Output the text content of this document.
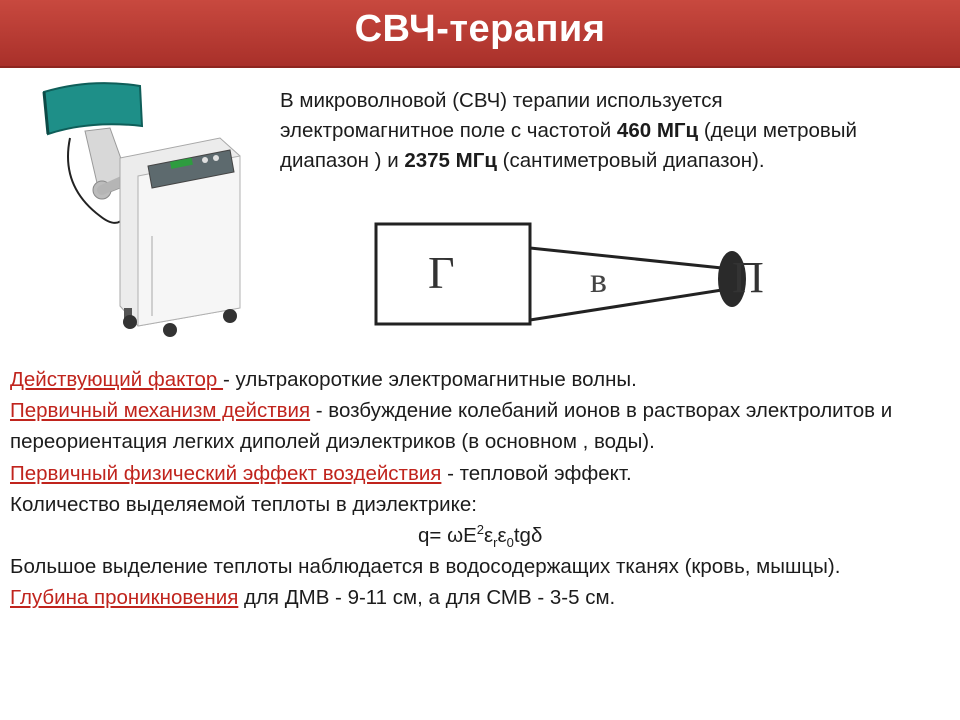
СВЧ-терапия
В микроволновой (СВЧ) терапии используется электромагнитное поле с частотой 460 МГц (деци метровый диапазон ) и 2375 МГц (сантиметровый диапазон).
Г	в	П
Действующий фактор - ультракороткие электромагнитные волны.
Первичный механизм действия - возбуждение колебаний ионов в растворах электролитов и переориентация легких диполей диэлектриков (в основном , воды).
Первичный физический эффект воздействия - тепловой эффект.
Количество выделяемой теплоты в диэлектрике:
$q= \omega E^2\varepsilon_r\varepsilon_0tg\delta$
Большое выделение теплоты наблюдается в водосодержащих тканях (кровь, мышцы).
Глубина проникновения для ДМВ - 9-11 см, а для СМВ - 3-5 см.
